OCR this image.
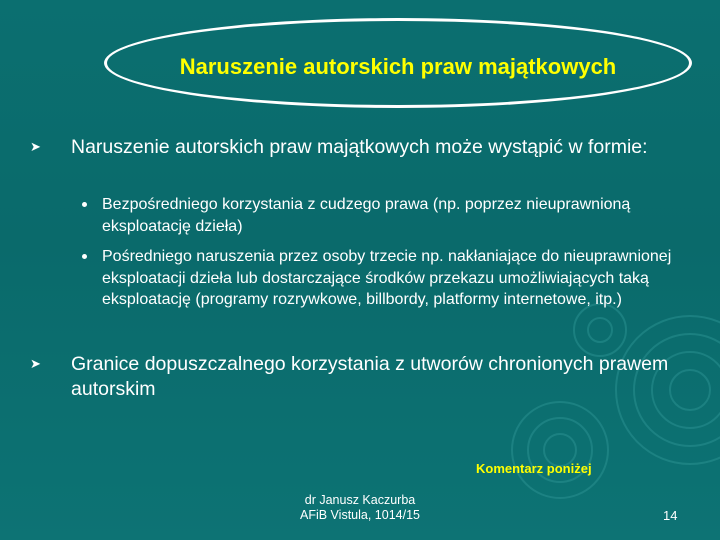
Naruszenie autorskich praw majątkowych
➤ Naruszenie autorskich praw majątkowych może wystąpić w formie:
Bezpośredniego korzystania z cudzego prawa (np. poprzez nieuprawnioną eksploatację dzieła)
Pośredniego naruszenia przez osoby trzecie np. nakłaniające do nieuprawnionej eksploatacji dzieła lub dostarczające środków przekazu umożliwiających taką eksploatację (programy rozrywkowe, billbordy, platformy internetowe, itp.)
➤ Granice dopuszczalnego korzystania z utworów chronionych prawem autorskim
Komentarz poniżej
dr Janusz Kaczurba
AFiB Vistula, 1014/15	14
